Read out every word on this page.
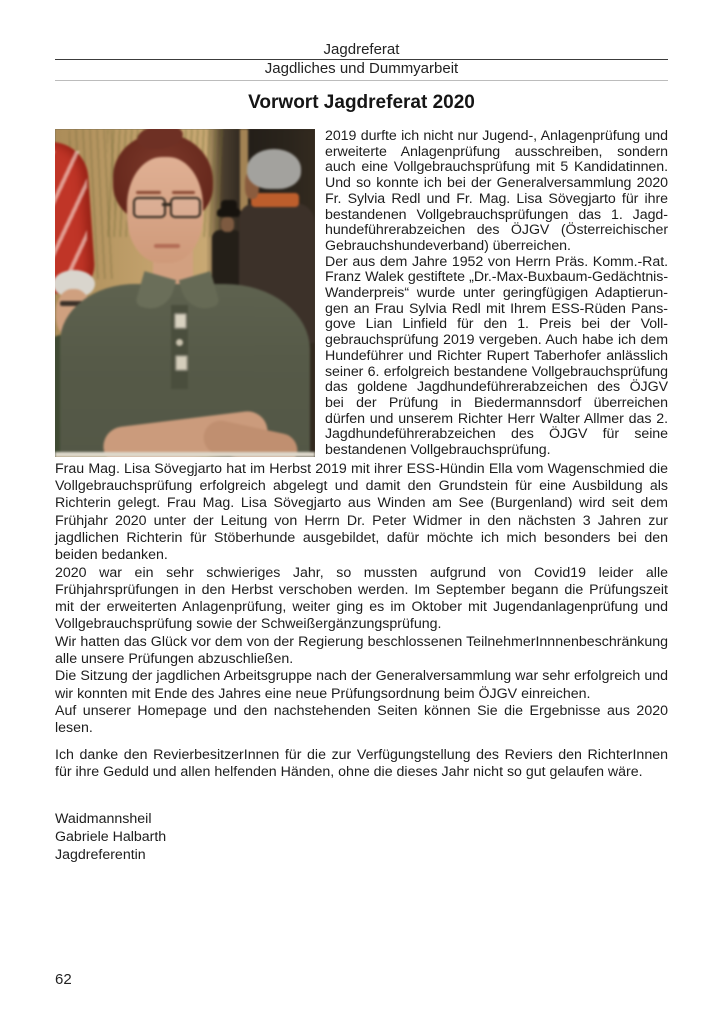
Jagdreferat
Jagdliches und Dummyarbeit
Vorwort Jagdreferat 2020

2019 durfte ich nicht nur Jugend-, Anlagenprüfung und erweiterte Anlagenprüfung ausschreiben, sondern auch eine Vollgebrauchsprüfung mit 5 Kandidatinnen. Und so konnte ich bei der Generalversammlung 2020 Fr. Sylvia Redl und Fr. Mag. Lisa Sövegjarto für ihre bestandenen Vollgebrauchsprüfungen das 1. Jagdhundeführerabzeichen des ÖJGV (Österreichischer Gebrauchshundeverband) überreichen.

Der aus dem Jahre 1952 von Herrn Präs. Komm.-Rat. Franz Walek gestiftete „Dr.-Max-Buxbaum-Gedächtnis-Wanderpreis“ wurde unter geringfügigen Adaptierungen an Frau Sylvia Redl mit Ihrem ESS-Rüden Pansgove Lian Linfield für den 1. Preis bei der Vollgebrauchsprüfung 2019 vergeben. Auch habe ich dem Hundeführer und Richter Rupert Taberhofer anlässlich seiner 6. erfolgreich bestandene Vollgebrauchsprüfung das goldene Jagdhundeführerabzeichen des ÖJGV bei der Prüfung in Biedermannsdorf überreichen dürfen und unserem Richter Herr Walter Allmer das 2. Jagdhundeführerabzeichen des ÖJGV für seine bestandenen Vollgebrauchsprüfung.

Frau Mag. Lisa Sövegjarto hat im Herbst 2019 mit ihrer ESS-Hündin Ella vom Wagenschmied die Vollgebrauchsprüfung erfolgreich abgelegt und damit den Grundstein für eine Ausbildung als Richterin gelegt. Frau Mag. Lisa Sövegjarto aus Winden am See (Burgenland) wird seit dem Frühjahr 2020 unter der Leitung von Herrn Dr. Peter Widmer in den nächsten 3 Jahren zur jagdlichen Richterin für Stöberhunde ausgebildet, dafür möchte ich mich besonders bei den beiden bedanken.

2020 war ein sehr schwieriges Jahr, so mussten aufgrund von Covid19 leider alle Frühjahrsprüfungen in den Herbst verschoben werden. Im September begann die Prüfungszeit mit der erweiterten Anlagenprüfung, weiter ging es im Oktober mit Jugendanlagenprüfung und Vollgebrauchsprüfung sowie der Schweißergänzungsprüfung.

Wir hatten das Glück vor dem von der Regierung beschlossenen TeilnehmerInnnenbeschränkung alle unsere Prüfungen abzuschließen.

Die Sitzung der jagdlichen Arbeitsgruppe nach der Generalversammlung war sehr erfolgreich und wir konnten mit Ende des Jahres eine neue Prüfungsordnung beim ÖJGV einreichen.

Auf unserer Homepage und den nachstehenden Seiten können Sie die Ergebnisse aus 2020 lesen.

Ich danke den RevierbesitzerInnen für die zur Verfügungstellung des Reviers den RichterInnen für ihre Geduld und allen helfenden Händen, ohne die dieses Jahr nicht so gut gelaufen wäre.

Waidmannsheil
Gabriele Halbarth
Jagdreferentin
62
